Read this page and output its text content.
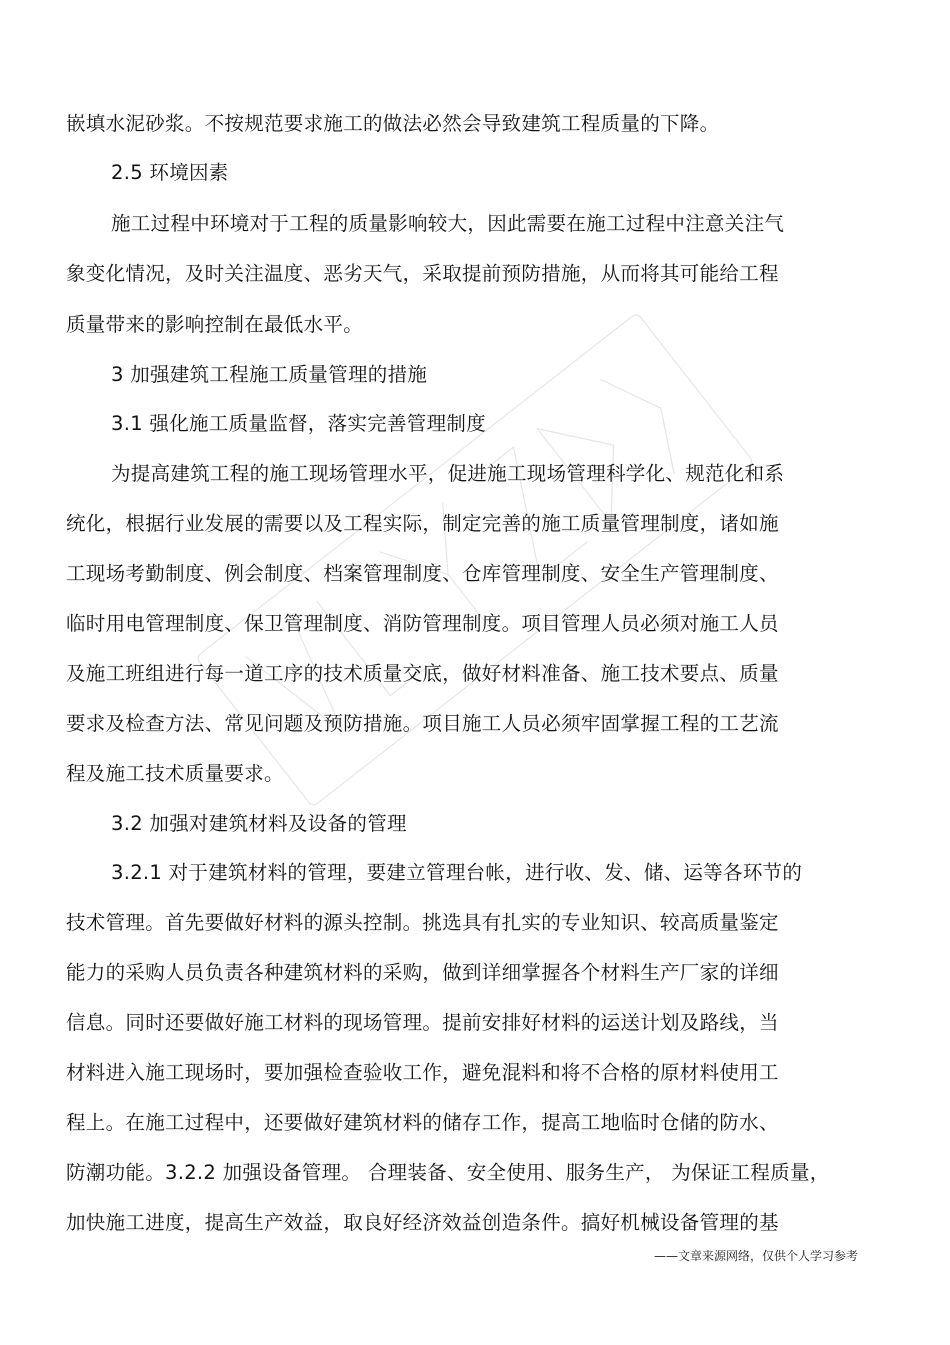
嵌填水泥砂浆。不按规范要求施工的做法必然会导致建筑工程质量的下降。
2.5 环境因素
施工过程中环境对于工程的质量影响较大，因此需要在施工过程中注意关注气
象变化情况，及时关注温度、恶劣天气，采取提前预防措施，从而将其可能给工程
质量带来的影响控制在最低水平。
3 加强建筑工程施工质量管理的措施
3.1 强化施工质量监督，落实完善管理制度
为提高建筑工程的施工现场管理水平，促进施工现场管理科学化、规范化和系
统化，根据行业发展的需要以及工程实际，制定完善的施工质量管理制度，诸如施
工现场考勤制度、例会制度、档案管理制度、仓库管理制度、安全生产管理制度、
临时用电管理制度、保卫管理制度、消防管理制度。项目管理人员必须对施工人员
及施工班组进行每一道工序的技术质量交底，做好材料准备、施工技术要点、质量
要求及检查方法、常见问题及预防措施。项目施工人员必须牢固掌握工程的工艺流
程及施工技术质量要求。
3.2 加强对建筑材料及设备的管理
3.2.1 对于建筑材料的管理，要建立管理台帐，进行收、发、储、运等各环节的
技术管理。首先要做好材料的源头控制。挑选具有扎实的专业知识、较高质量鉴定
能力的采购人员负责各种建筑材料的采购，做到详细掌握各个材料生产厂家的详细
信息。同时还要做好施工材料的现场管理。提前安排好材料的运送计划及路线，当
材料进入施工现场时，要加强检查验收工作，避免混料和将不合格的原材料使用工
程上。在施工过程中，还要做好建筑材料的储存工作，提高工地临时仓储的防水、
防潮功能。3.2.2 加强设备管理。 合理装备、安全使用、服务生产， 为保证工程质量，
加快施工进度，提高生产效益，取良好经济效益创造条件。搞好机械设备管理的基
——文章来源网络，仅供个人学习参考
